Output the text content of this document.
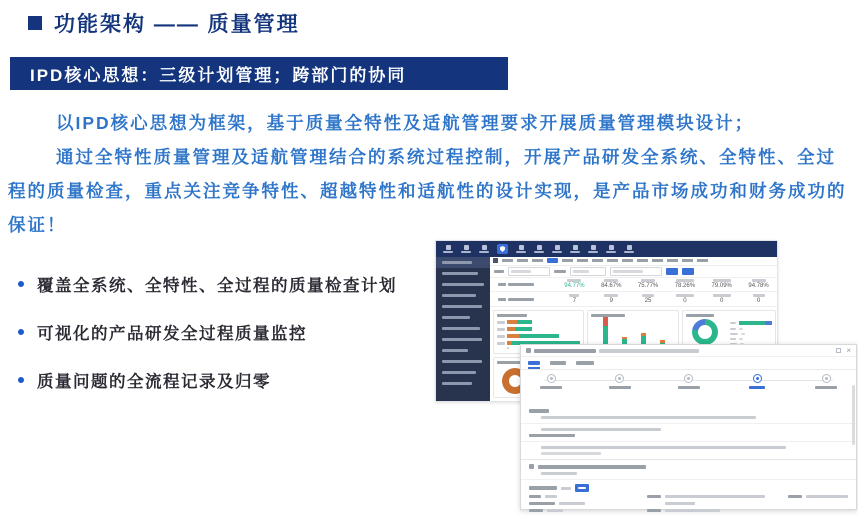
功能架构 —— 质量管理
IPD核心思想：三级计划管理；跨部门的协同

以IPD核心思想为框架，基于质量全特性及适航管理要求开展质量管理模块设计；

通过全特性质量管理及适航管理结合的系统过程控制，开展产品研发全系统、全特性、全过程的质量检查，重点关注竞争特性、超越特性和适航性的设计实现，是产品市场成功和财务成功的保证！

覆盖全系统、全特性、全过程的质量检查计划
可视化的产品研发全过程质量监控
质量问题的全流程记录及归零
94.77%	84.67%	75.77%	78.26%	79.09%	94.78%
7	9	25	0	0	0
×
